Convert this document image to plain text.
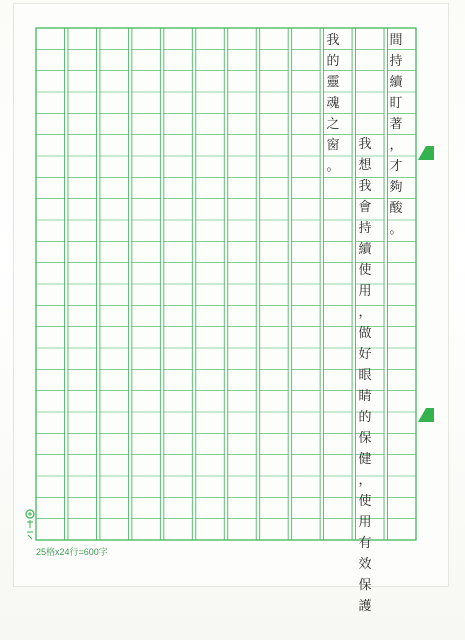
間
持
續
盯
著
，
才
夠
酸
。
我
想
我
會
持
續
使
用
，
做
好
眼
睛
的
保
健
，
使
用
有
效
保
護
我
的
靈
魂
之
窗
。
25格x24行=600字
